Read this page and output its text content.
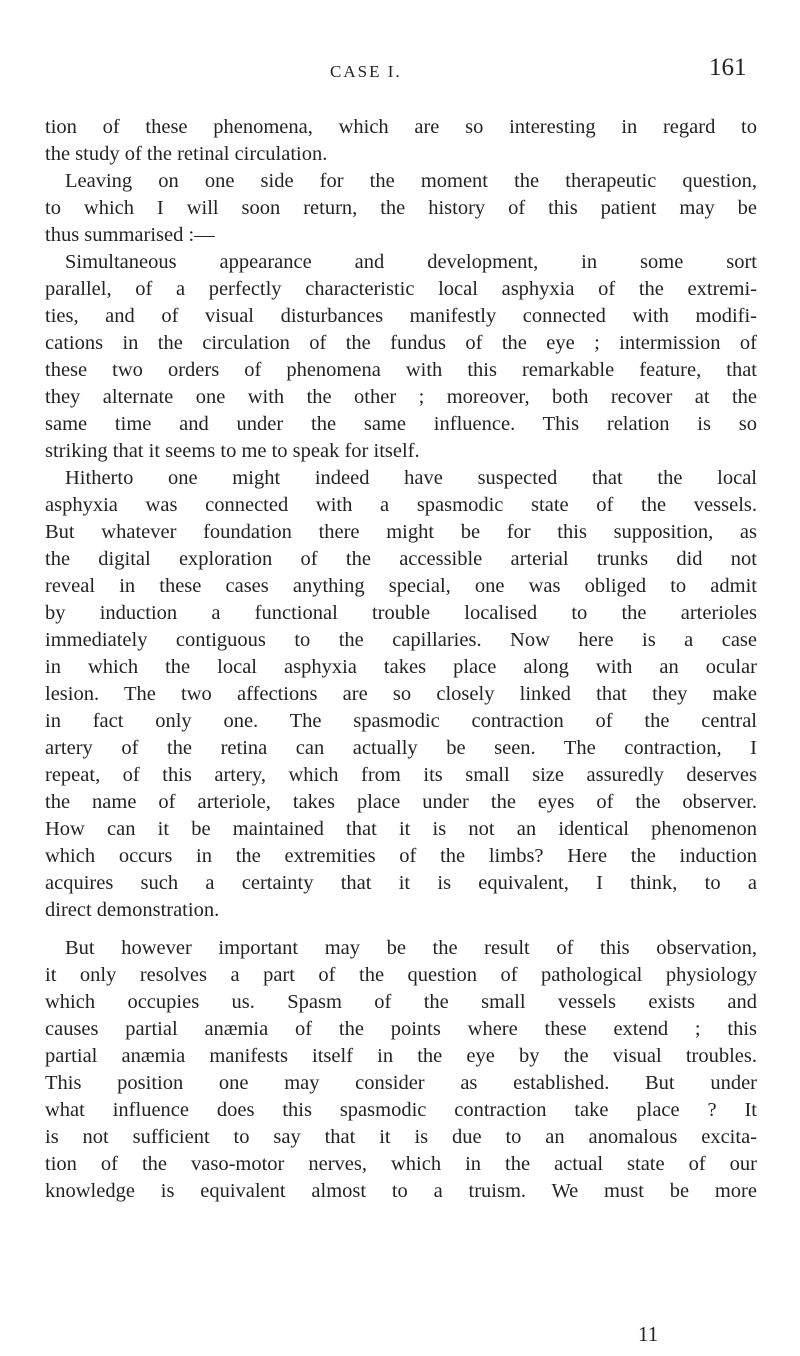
CASE I.	161

tion of these phenomena, which are so interesting in regard to
the study of the retinal circulation.

Leaving on one side for the moment the therapeutic question,
to which I will soon return, the history of this patient may be
thus summarised :—

Simultaneous appearance and development, in some sort
parallel, of a perfectly characteristic local asphyxia of the extremi-
ties, and of visual disturbances manifestly connected with modifi-
cations in the circulation of the fundus of the eye ; intermission of
these two orders of phenomena with this remarkable feature, that
they alternate one with the other ; moreover, both recover at the
same time and under the same influence. This relation is so
striking that it seems to me to speak for itself.

Hitherto one might indeed have suspected that the local
asphyxia was connected with a spasmodic state of the vessels.
But whatever foundation there might be for this supposition, as
the digital exploration of the accessible arterial trunks did not
reveal in these cases anything special, one was obliged to admit
by induction a functional trouble localised to the arterioles
immediately contiguous to the capillaries. Now here is a case
in which the local asphyxia takes place along with an ocular
lesion. The two affections are so closely linked that they make
in fact only one. The spasmodic contraction of the central
artery of the retina can actually be seen. The contraction, I
repeat, of this artery, which from its small size assuredly deserves
the name of arteriole, takes place under the eyes of the observer.
How can it be maintained that it is not an identical phenomenon
which occurs in the extremities of the limbs? Here the induction
acquires such a certainty that it is equivalent, I think, to a
direct demonstration.

But however important may be the result of this observation,
it only resolves a part of the question of pathological physiology
which occupies us. Spasm of the small vessels exists and
causes partial anæmia of the points where these extend ; this
partial anæmia manifests itself in the eye by the visual troubles.
This position one may consider as established. But under
what influence does this spasmodic contraction take place ? It
is not sufficient to say that it is due to an anomalous excita-
tion of the vaso-motor nerves, which in the actual state of our
knowledge is equivalent almost to a truism. We must be more

11
